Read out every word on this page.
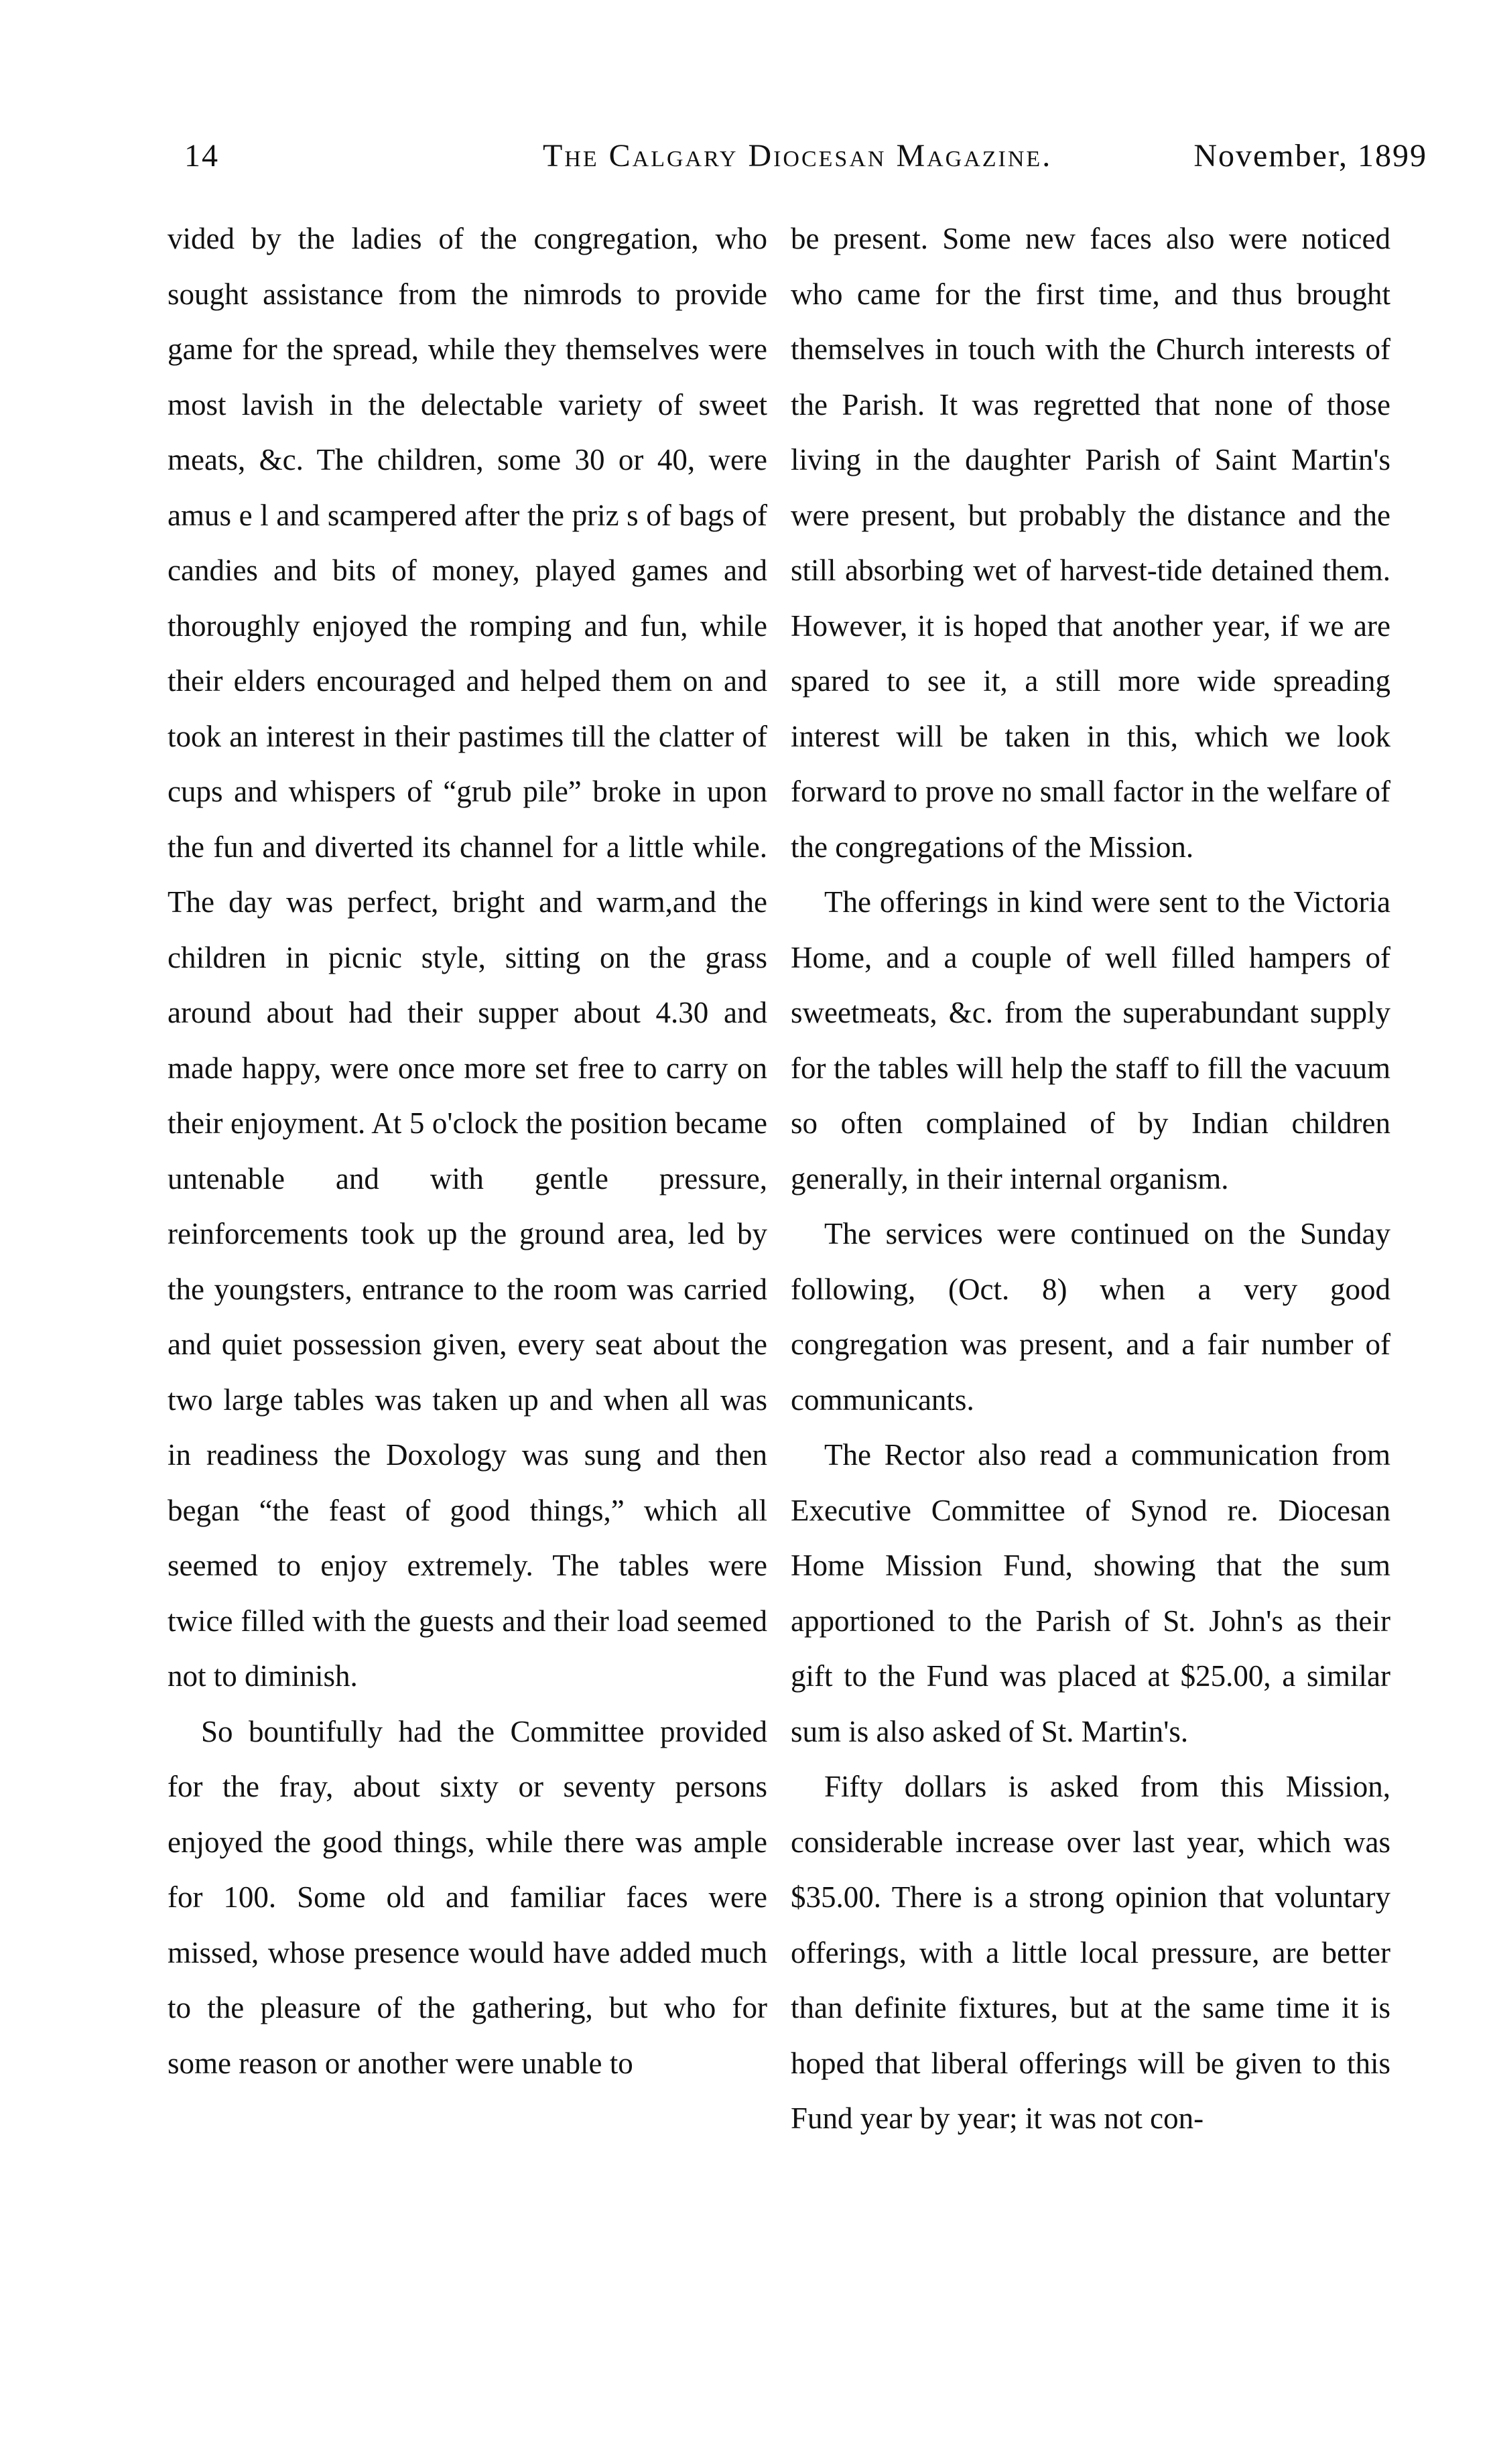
14	The Calgary Diocesan Magazine.	November, 1899

vided by the ladies of the congregation, who sought assistance from the nimrods to provide game for the spread, while they themselves were most lavish in the delectable variety of sweet meats, &c. The children, some 30 or 40, were amus e l and scampered after the priz s of bags of candies and bits of money, played games and thoroughly enjoyed the romping and fun, while their elders encouraged and helped them on and took an interest in their pastimes till the clatter of cups and whispers of “grub pile” broke in upon the fun and diverted its channel for a little while. The day was perfect, bright and warm,and the children in picnic style, sitting on the grass around about had their supper about 4.30 and made happy, were once more set free to carry on their enjoyment. At 5 o'clock the position became untenable and with gentle pressure, reinforcements took up the ground area, led by the youngsters, entrance to the room was carried and quiet possession given, every seat about the two large tables was taken up and when all was in readiness the Doxology was sung and then began “the feast of good things,” which all seemed to enjoy extremely. The tables were twice filled with the guests and their load seemed not to diminish.

So bountifully had the Committee provided for the fray, about sixty or seventy persons enjoyed the good things, while there was ample for 100. Some old and familiar faces were missed, whose presence would have added much to the pleasure of the gathering, but who for some reason or another were unable to

be present. Some new faces also were noticed who came for the first time, and thus brought themselves in touch with the Church interests of the Parish. It was regretted that none of those living in the daughter Parish of Saint Martin's were present, but probably the distance and the still absorbing wet of harvest-tide detained them. However, it is hoped that another year, if we are spared to see it, a still more wide spreading interest will be taken in this, which we look forward to prove no small factor in the welfare of the congregations of the Mission.

The offerings in kind were sent to the Victoria Home, and a couple of well filled hampers of sweetmeats, &c. from the superabundant supply for the tables will help the staff to fill the vacuum so often complained of by Indian children generally, in their internal organism.

The services were continued on the Sunday following, (Oct. 8) when a very good congregation was present, and a fair number of communicants.

The Rector also read a communication from Executive Committee of Synod re. Diocesan Home Mission Fund, showing that the sum apportioned to the Parish of St. John's as their gift to the Fund was placed at $25.00, a similar sum is also asked of St. Martin's.

Fifty dollars is asked from this Mission, considerable increase over last year, which was $35.00. There is a strong opinion that voluntary offerings, with a little local pressure, are better than definite fixtures, but at the same time it is hoped that liberal offerings will be given to this Fund year by year; it was not con-
